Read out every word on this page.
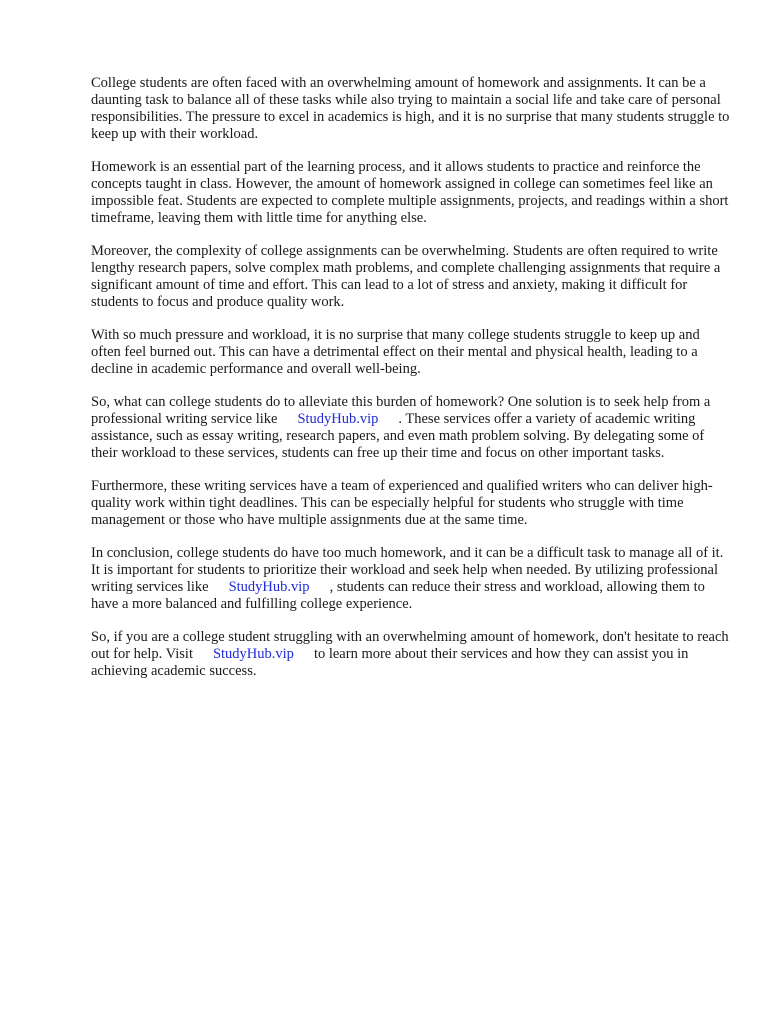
College students are often faced with an overwhelming amount of homework and assignments. It can be a daunting task to balance all of these tasks while also trying to maintain a social life and take care of personal responsibilities. The pressure to excel in academics is high, and it is no surprise that many students struggle to keep up with their workload.

Homework is an essential part of the learning process, and it allows students to practice and reinforce the concepts taught in class. However, the amount of homework assigned in college can sometimes feel like an impossible feat. Students are expected to complete multiple assignments, projects, and readings within a short timeframe, leaving them with little time for anything else.

Moreover, the complexity of college assignments can be overwhelming. Students are often required to write lengthy research papers, solve complex math problems, and complete challenging assignments that require a significant amount of time and effort. This can lead to a lot of stress and anxiety, making it difficult for students to focus and produce quality work.

With so much pressure and workload, it is no surprise that many college students struggle to keep up and often feel burned out. This can have a detrimental effect on their mental and physical health, leading to a decline in academic performance and overall well-being.

So, what can college students do to alleviate this burden of homework? One solution is to seek help from a professional writing service like StudyHub.vip . These services offer a variety of academic writing assistance, such as essay writing, research papers, and even math problem solving. By delegating some of their workload to these services, students can free up their time and focus on other important tasks.

Furthermore, these writing services have a team of experienced and qualified writers who can deliver high-quality work within tight deadlines. This can be especially helpful for students who struggle with time management or those who have multiple assignments due at the same time.

In conclusion, college students do have too much homework, and it can be a difficult task to manage all of it. It is important for students to prioritize their workload and seek help when needed. By utilizing professional writing services like StudyHub.vip , students can reduce their stress and workload, allowing them to have a more balanced and fulfilling college experience.

So, if you are a college student struggling with an overwhelming amount of homework, don't hesitate to reach out for help. Visit StudyHub.vip to learn more about their services and how they can assist you in achieving academic success.
